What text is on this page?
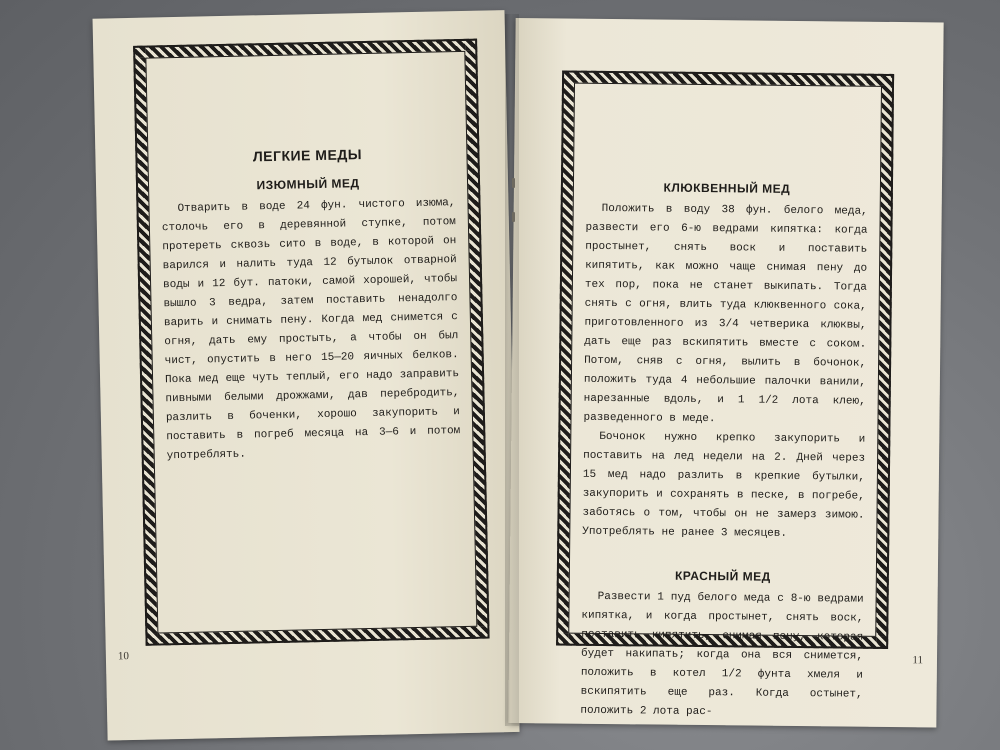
ЛЕГКИЕ МЕДЫ
ИЗЮМНЫЙ МЕД

Отварить в воде 24 фун. чистого изюма, столочь его в деревянной ступке, потом протереть сквозь сито в воде, в которой он варился и налить туда 12 бутылок отварной воды и 12 бут. патоки, самой хорошей, чтобы вышло 3 ведра, затем поставить ненадолго варить и снимать пену. Когда мед снимется с огня, дать ему простыть, а чтобы он был чист, опустить в него 15—20 яичных белков. Пока мед еще чуть теплый, его надо заправить пивными белыми дрожжами, дав перебродить, разлить в боченки, хорошо закупорить и поставить в погреб месяца на 3—6 и потом употреблять.

10
КЛЮКВЕННЫЙ МЕД

Положить в воду 38 фун. белого меда, развести его 6-ю ведрами кипятка: когда простынет, снять воск и поставить кипятить, как можно чаще снимая пену до тех пор, пока не станет выкипать. Тогда снять с огня, влить туда клюквенного сока, приготовленного из 3/4 четверика клюквы, дать еще раз вскипятить вместе с соком. Потом, сняв с огня, вылить в бочонок, положить туда 4 небольшие палочки ванили, нарезанные вдоль, и 1 1/2 лота клею, разведенного в меде.

Бочонок нужно крепко закупорить и поставить на лед недели на 2. Дней через 15 мед надо разлить в крепкие бутылки, закупорить и сохранять в песке, в погребе, заботясь о том, чтобы он не замерз зимою. Употреблять не ранее 3 месяцев.

КРАСНЫЙ МЕД

Развести 1 пуд белого меда с 8-ю ведрами кипятка, и когда простынет, снять воск, поставить кипятить, снимая пену, которая будет накипать; когда она вся снимется, положить в котел 1/2 фунта хмеля и вскипятить еще раз. Когда остынет, положить 2 лота рас-

11
